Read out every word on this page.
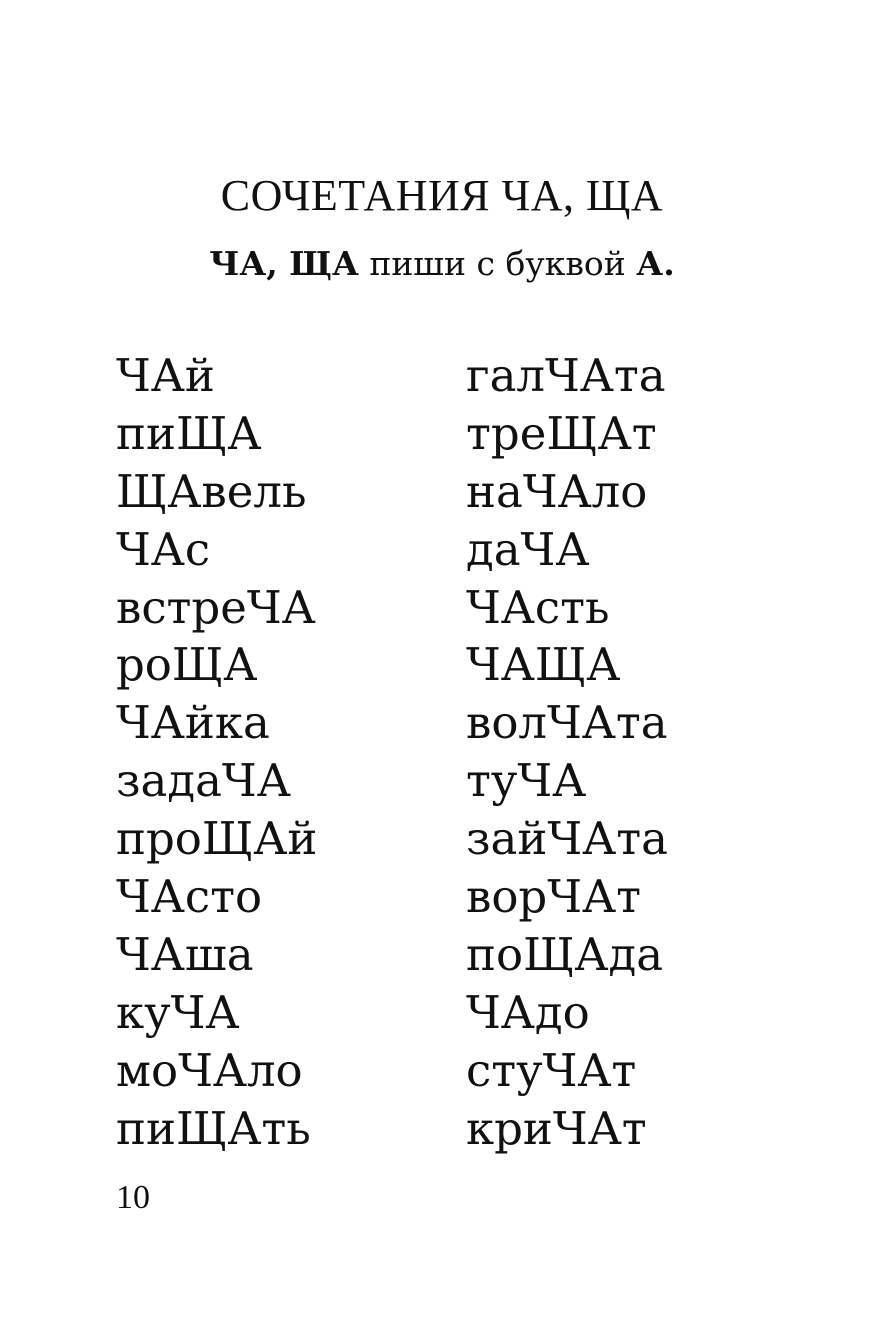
СОЧЕТАНИЯ ЧА, ЩА
ЧА, ЩА пиши с буквой А.
ЧАй
пиЩА
ЩАвель
ЧАс
встреЧА
роЩА
ЧАйка
задаЧА
проЩАй
ЧАсто
ЧАша
куЧА
моЧАло
пиЩАть
галЧАта
треЩАт
наЧАло
даЧА
ЧАсть
ЧАЩА
волЧАта
туЧА
зайЧАта
ворЧАт
поЩАда
ЧАдо
стуЧАт
криЧАт
10
